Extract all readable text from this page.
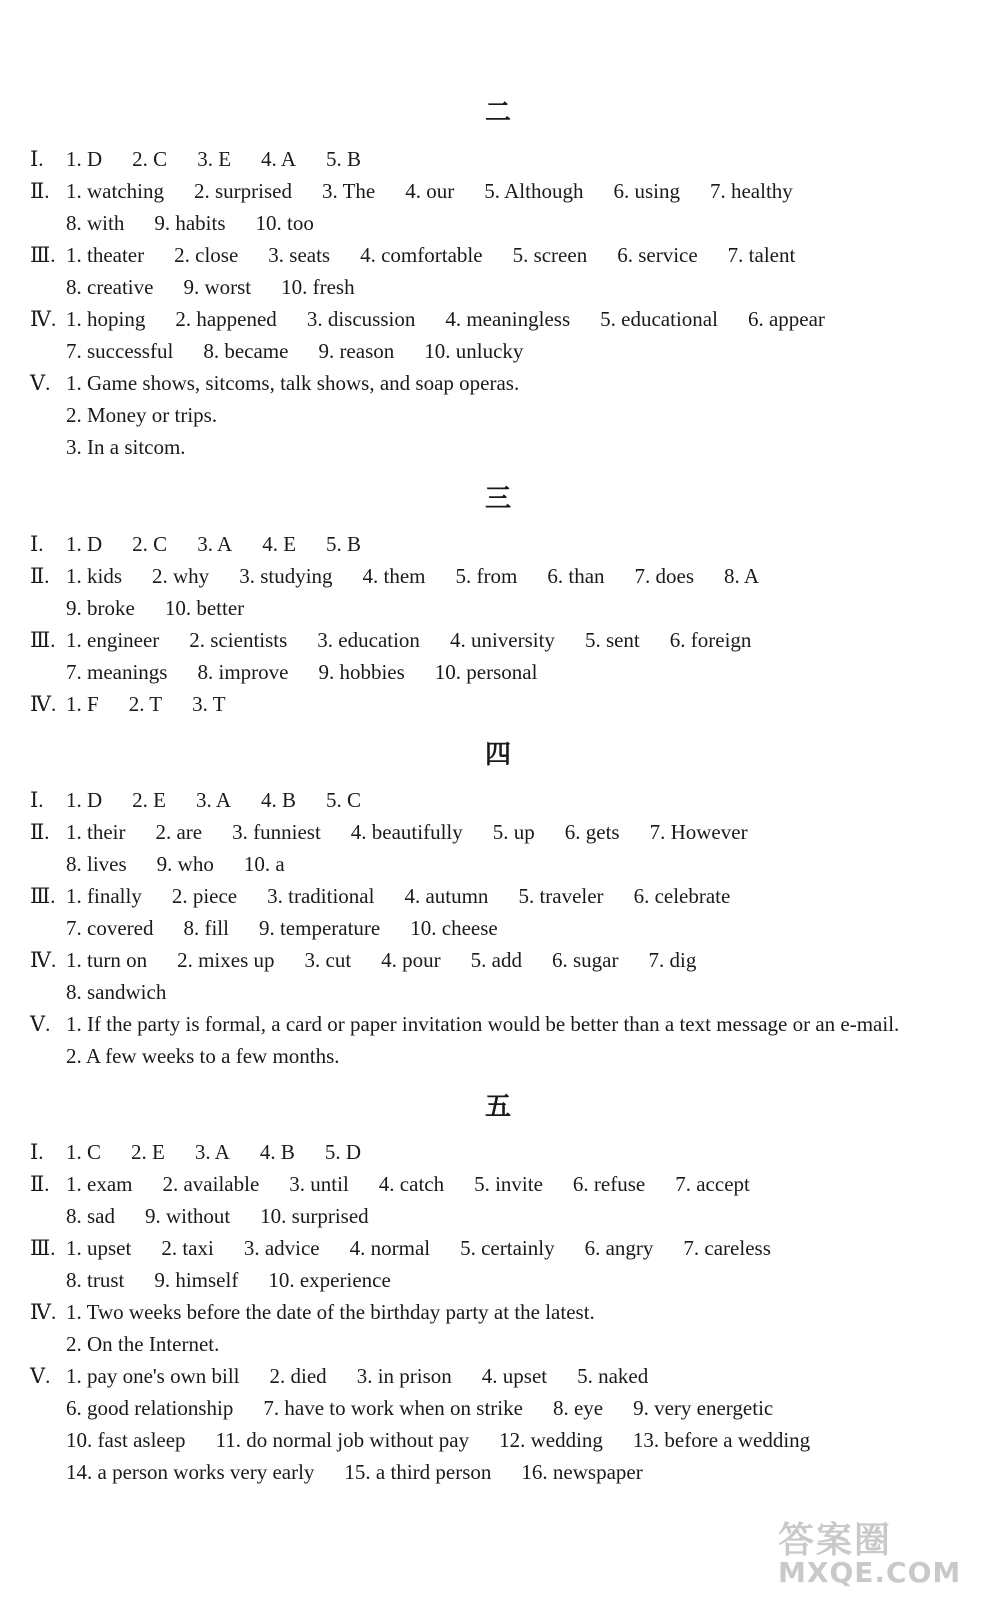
二
Ⅰ.	1. D 2. C 3. E 4. A 5. B
Ⅱ. 1. watching 2. surprised 3. The 4. our 5. Although 6. using 7. healthy
8. with 9. habits 10. too
Ⅲ. 1. theater 2. close 3. seats 4. comfortable 5. screen 6. service 7. talent
8. creative 9. worst 10. fresh
Ⅳ. 1. hoping 2. happened 3. discussion 4. meaningless 5. educational 6. appear
7. successful 8. became 9. reason 10. unlucky
Ⅴ. 1. Game shows, sitcoms, talk shows, and soap operas.
2. Money or trips.
3. In a sitcom.
三
Ⅰ.	1. D 2. C 3. A 4. E 5. B
Ⅱ. 1. kids 2. why 3. studying 4. them 5. from 6. than 7. does 8. A
9. broke 10. better
Ⅲ. 1. engineer 2. scientists 3. education 4. university 5. sent 6. foreign
7. meanings 8. improve 9. hobbies 10. personal
Ⅳ. 1. F 2. T 3. T
四
Ⅰ.	1. D 2. E 3. A 4. B 5. C
Ⅱ. 1. their 2. are 3. funniest 4. beautifully 5. up 6. gets 7. However
8. lives 9. who 10. a
Ⅲ. 1. finally 2. piece 3. traditional 4. autumn 5. traveler 6. celebrate
7. covered 8. fill 9. temperature 10. cheese
Ⅳ. 1. turn on 2. mixes up 3. cut 4. pour 5. add 6. sugar 7. dig
8. sandwich
Ⅴ. 1. If the party is formal, a card or paper invitation would be better than a text message or an e-mail.
2. A few weeks to a few months.
五
Ⅰ.	1. C 2. E 3. A 4. B 5. D
Ⅱ. 1. exam 2. available 3. until 4. catch 5. invite 6. refuse 7. accept
8. sad 9. without 10. surprised
Ⅲ. 1. upset 2. taxi 3. advice 4. normal 5. certainly 6. angry 7. careless
8. trust 9. himself 10. experience
Ⅳ. 1. Two weeks before the date of the birthday party at the latest.
2. On the Internet.
Ⅴ. 1. pay one's own bill 2. died 3. in prison 4. upset 5. naked
6. good relationship 7. have to work when on strike 8. eye 9. very energetic
10. fast asleep 11. do normal job without pay 12. wedding 13. before a wedding
14. a person works very early 15. a third person 16. newspaper
答案圈
MXQE.COM
